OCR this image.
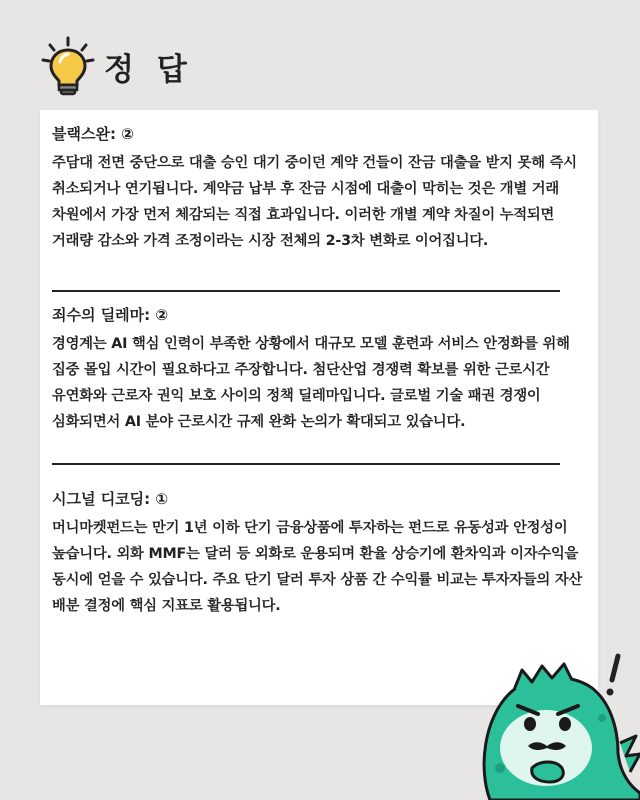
정 답

블랙스완: ②

주담대 전면 중단으로 대출 승인 대기 중이던 계약 건들이 잔금 대출을 받지 못해 즉시 취소되거나 연기됩니다. 계약금 납부 후 잔금 시점에 대출이 막히는 것은 개별 거래 차원에서 가장 먼저 체감되는 직접 효과입니다. 이러한 개별 계약 차질이 누적되면 거래량 감소와 가격 조정이라는 시장 전체의 2-3차 변화로 이어집니다.

죄수의 딜레마: ②

경영계는 AI 핵심 인력이 부족한 상황에서 대규모 모델 훈련과 서비스 안정화를 위해 집중 몰입 시간이 필요하다고 주장합니다. 첨단산업 경쟁력 확보를 위한 근로시간 유연화와 근로자 권익 보호 사이의 정책 딜레마입니다. 글로벌 기술 패권 경쟁이 심화되면서 AI 분야 근로시간 규제 완화 논의가 확대되고 있습니다.

시그널 디코딩: ①

머니마켓펀드는 만기 1년 이하 단기 금융상품에 투자하는 펀드로 유동성과 안정성이 높습니다. 외화 MMF는 달러 등 외화로 운용되며 환율 상승기에 환차익과 이자수익을 동시에 얻을 수 있습니다. 주요 단기 달러 투자 상품 간 수익률 비교는 투자자들의 자산 배분 결정에 핵심 지표로 활용됩니다.
